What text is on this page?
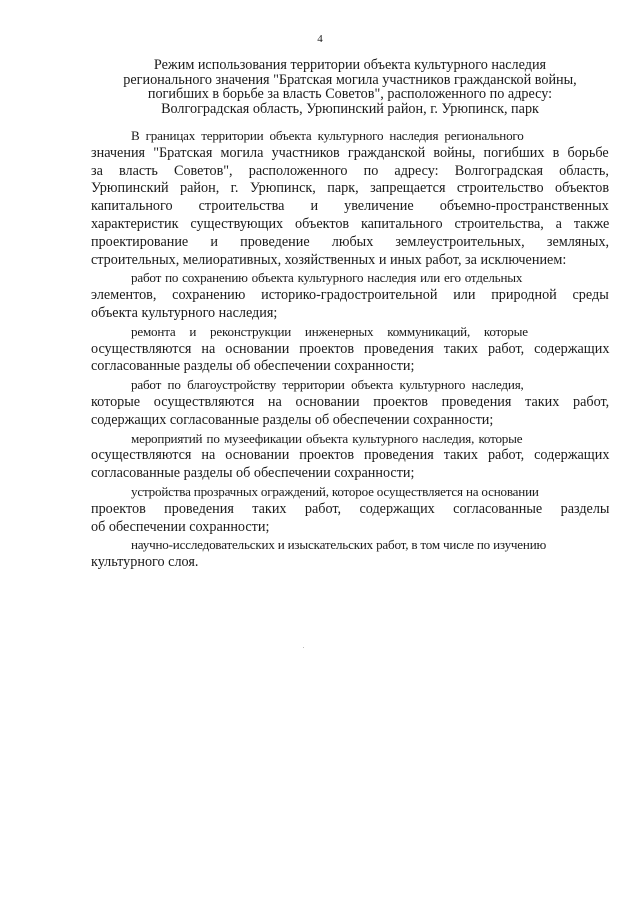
4
Режим использования территории объекта культурного наследия
регионального значения "Братская могила участников гражданской войны,
погибших в борьбе за власть Советов", расположенного по адресу:
Волгоградская область, Урюпинский район, г. Урюпинск, парк
В границах территории объекта культурного наследия регионального
значения "Братская могила участников гражданской войны, погибших в борьбе
за власть Советов", расположенного по адресу: Волгоградская область,
Урюпинский район, г. Урюпинск, парк, запрещается строительство объектов
капитального строительства и увеличение объемно-пространственных
характеристик существующих объектов капитального строительства, а также
проектирование и проведение любых землеустроительных, земляных,
строительных, мелиоративных, хозяйственных и иных работ, за исключением:
работ по сохранению объекта культурного наследия или его отдельных
элементов, сохранению историко-градостроительной или природной среды
объекта культурного наследия;
ремонта и реконструкции инженерных коммуникаций, которые
осуществляются на основании проектов проведения таких работ, содержащих
согласованные разделы об обеспечении сохранности;
работ по благоустройству территории объекта культурного наследия,
которые осуществляются на основании проектов проведения таких работ,
содержащих согласованные разделы об обеспечении сохранности;
мероприятий по музеефикации объекта культурного наследия, которые
осуществляются на основании проектов проведения таких работ, содержащих
согласованные разделы об обеспечении сохранности;
устройства прозрачных ограждений, которое осуществляется на основании
проектов проведения таких работ, содержащих согласованные разделы
об обеспечении сохранности;
научно-исследовательских и изыскательских работ, в том числе по изучению
культурного слоя.
